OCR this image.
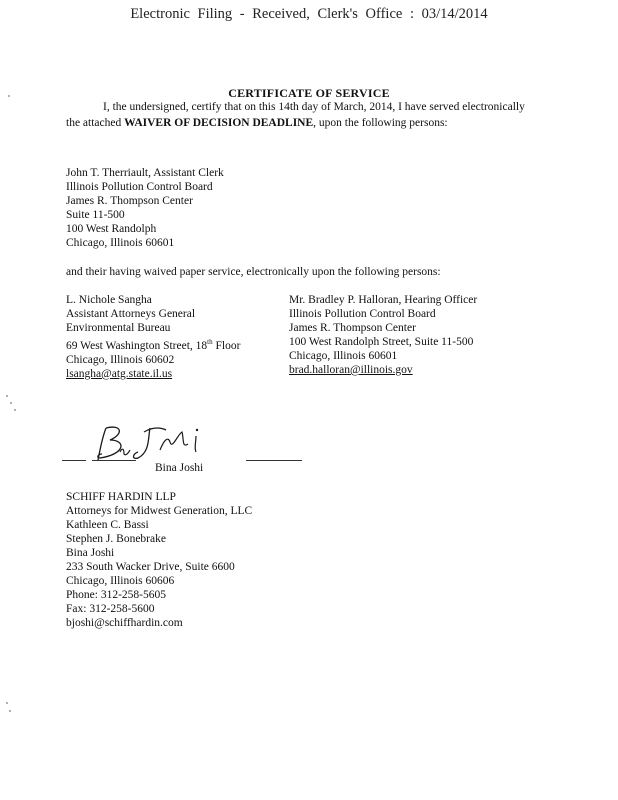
Electronic Filing - Received, Clerk's Office : 03/14/2014
CERTIFICATE OF SERVICE
I, the undersigned, certify that on this 14th day of March, 2014, I have served electronically the attached WAIVER OF DECISION DEADLINE, upon the following persons:
John T. Therriault, Assistant Clerk
Illinois Pollution Control Board
James R. Thompson Center
Suite 11-500
100 West Randolph
Chicago, Illinois 60601
and their having waived paper service, electronically upon the following persons:
L. Nichole Sangha
Assistant Attorneys General
Environmental Bureau
69 West Washington Street, 18th Floor
Chicago, Illinois 60602
lsangha@atg.state.il.us
Mr. Bradley P. Halloran, Hearing Officer
Illinois Pollution Control Board
James R. Thompson Center
100 West Randolph Street, Suite 11-500
Chicago, Illinois 60601
brad.halloran@illinois.gov
Bina Joshi
SCHIFF HARDIN LLP
Attorneys for Midwest Generation, LLC
Kathleen C. Bassi
Stephen J. Bonebrake
Bina Joshi
233 South Wacker Drive, Suite 6600
Chicago, Illinois 60606
Phone: 312-258-5605
Fax: 312-258-5600
bjoshi@schiffhardin.com
